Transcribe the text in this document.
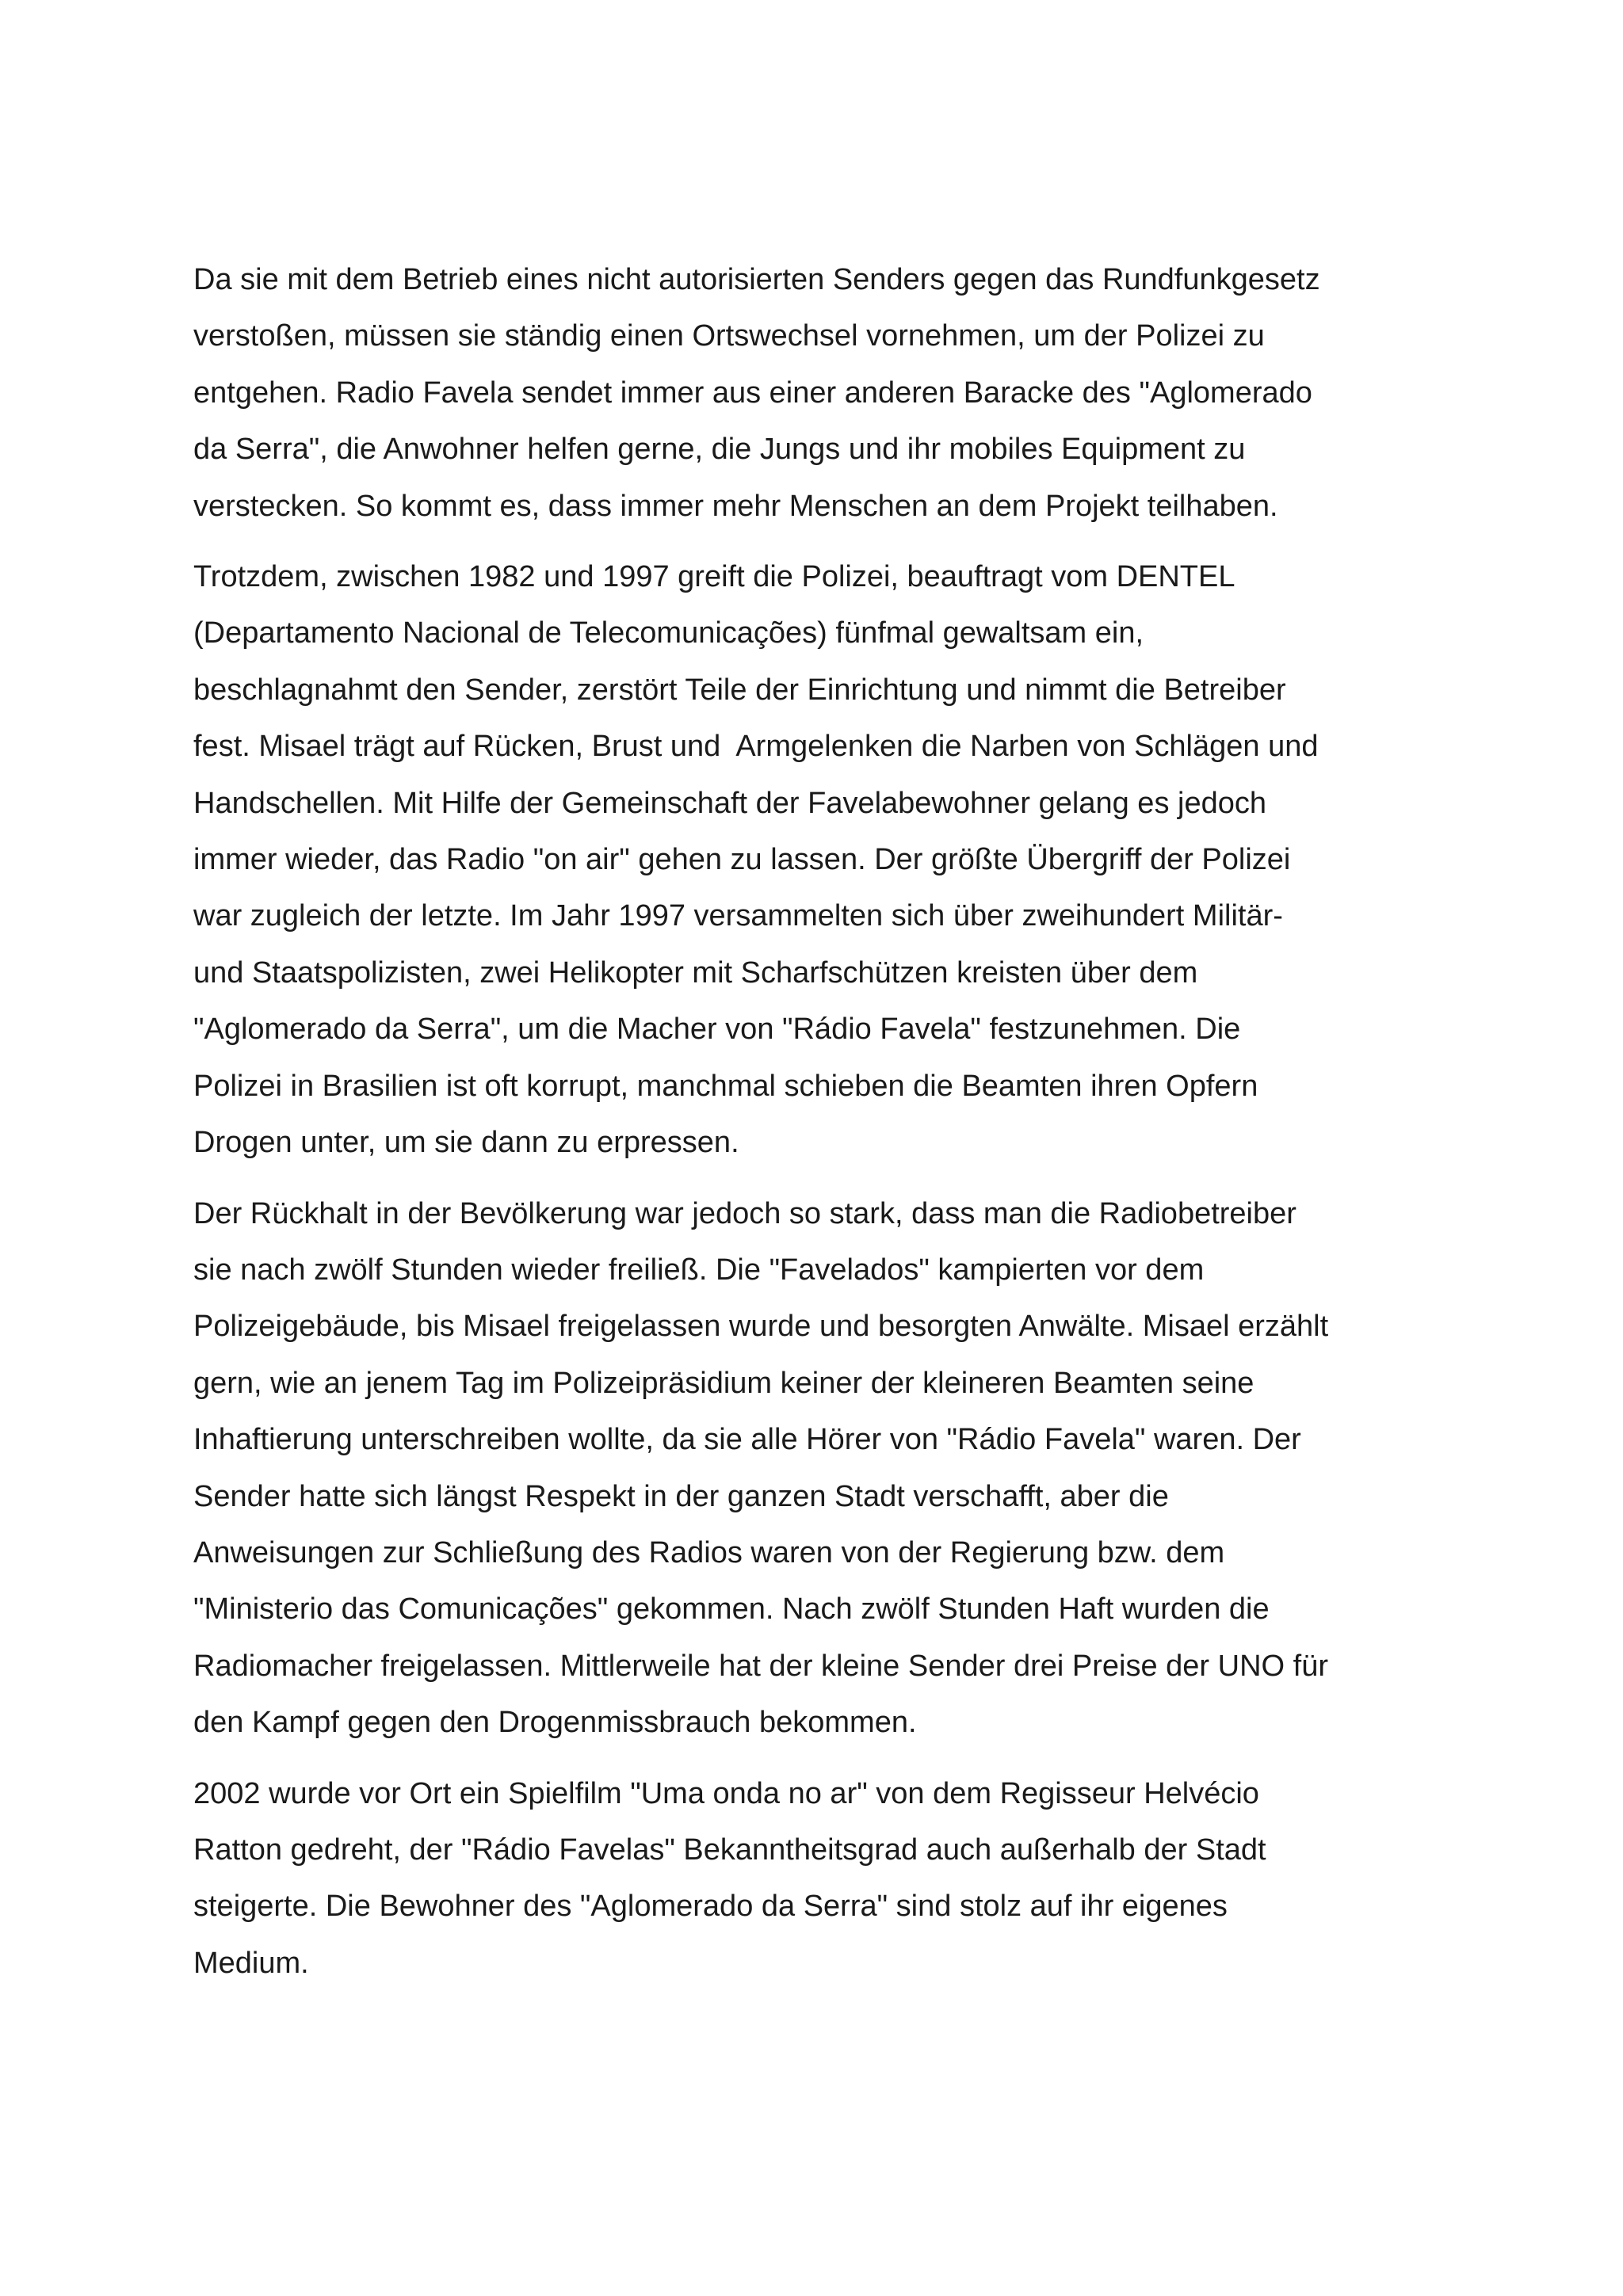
Da sie mit dem Betrieb eines nicht autorisierten Senders gegen das Rundfunkgesetz
verstoßen, müssen sie ständig einen Ortswechsel vornehmen, um der Polizei zu
entgehen. Radio Favela sendet immer aus einer anderen Baracke des "Aglomerado
da Serra", die Anwohner helfen gerne, die Jungs und ihr mobiles Equipment zu
verstecken. So kommt es, dass immer mehr Menschen an dem Projekt teilhaben.

Trotzdem, zwischen 1982 und 1997 greift die Polizei, beauftragt vom DENTEL
(Departamento Nacional de Telecomunicações) fünfmal gewaltsam ein,
beschlagnahmt den Sender, zerstört Teile der Einrichtung und nimmt die Betreiber
fest. Misael trägt auf Rücken, Brust und  Armgelenken die Narben von Schlägen und
Handschellen. Mit Hilfe der Gemeinschaft der Favelabewohner gelang es jedoch
immer wieder, das Radio "on air" gehen zu lassen. Der größte Übergriff der Polizei
war zugleich der letzte. Im Jahr 1997 versammelten sich über zweihundert Militär-
und Staatspolizisten, zwei Helikopter mit Scharfschützen kreisten über dem
"Aglomerado da Serra", um die Macher von "Rádio Favela" festzunehmen. Die
Polizei in Brasilien ist oft korrupt, manchmal schieben die Beamten ihren Opfern
Drogen unter, um sie dann zu erpressen.

Der Rückhalt in der Bevölkerung war jedoch so stark, dass man die Radiobetreiber
sie nach zwölf Stunden wieder freiließ. Die "Favelados" kampierten vor dem
Polizeigebäude, bis Misael freigelassen wurde und besorgten Anwälte. Misael erzählt
gern, wie an jenem Tag im Polizeipräsidium keiner der kleineren Beamten seine
Inhaftierung unterschreiben wollte, da sie alle Hörer von "Rádio Favela" waren. Der
Sender hatte sich längst Respekt in der ganzen Stadt verschafft, aber die
Anweisungen zur Schließung des Radios waren von der Regierung bzw. dem
"Ministerio das Comunicações" gekommen. Nach zwölf Stunden Haft wurden die
Radiomacher freigelassen. Mittlerweile hat der kleine Sender drei Preise der UNO für
den Kampf gegen den Drogenmissbrauch bekommen.

2002 wurde vor Ort ein Spielfilm "Uma onda no ar" von dem Regisseur Helvécio
Ratton gedreht, der "Rádio Favelas" Bekanntheitsgrad auch außerhalb der Stadt
steigerte. Die Bewohner des "Aglomerado da Serra" sind stolz auf ihr eigenes
Medium.
